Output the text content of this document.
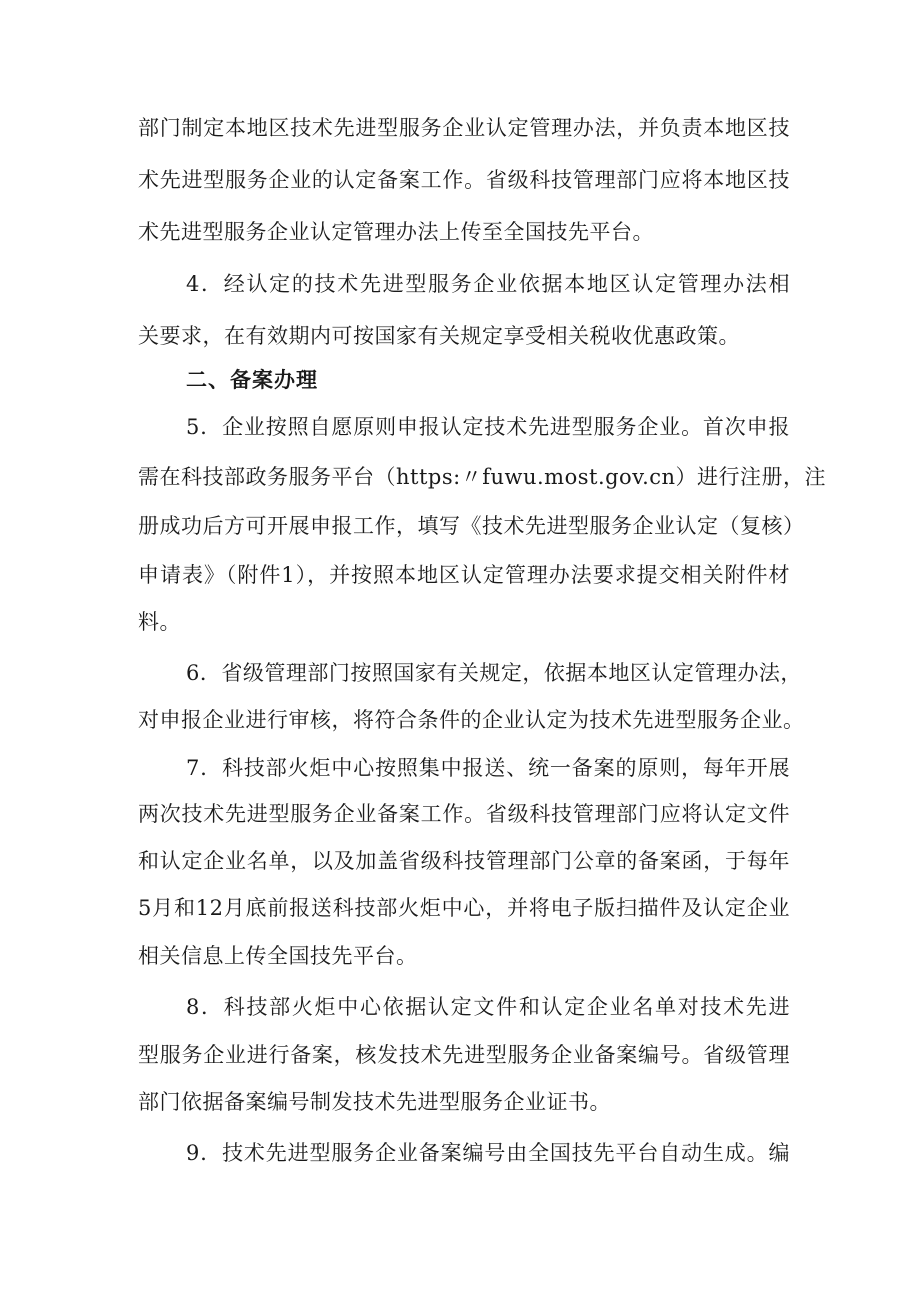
部门制定本地区技术先进型服务企业认定管理办法，并负责本地区技
术先进型服务企业的认定备案工作。省级科技管理部门应将本地区技
术先进型服务企业认定管理办法上传至全国技先平台。
4．经认定的技术先进型服务企业依据本地区认定管理办法相
关要求，在有效期内可按国家有关规定享受相关税收优惠政策。
二、备案办理
5．企业按照自愿原则申报认定技术先进型服务企业。首次申报
需在科技部政务服务平台（https:〃fuwu.most.gov.cn）进行注册，注
册成功后方可开展申报工作，填写《技术先进型服务企业认定（复核）
申请表》（附件1），并按照本地区认定管理办法要求提交相关附件材
料。
6．省级管理部门按照国家有关规定，依据本地区认定管理办法，
对申报企业进行审核，将符合条件的企业认定为技术先进型服务企业。
7．科技部火炬中心按照集中报送、统一备案的原则，每年开展
两次技术先进型服务企业备案工作。省级科技管理部门应将认定文件
和认定企业名单，以及加盖省级科技管理部门公章的备案函，于每年
5月和12月底前报送科技部火炬中心，并将电子版扫描件及认定企业
相关信息上传全国技先平台。
8．科技部火炬中心依据认定文件和认定企业名单对技术先进
型服务企业进行备案，核发技术先进型服务企业备案编号。省级管理
部门依据备案编号制发技术先进型服务企业证书。
9．技术先进型服务企业备案编号由全国技先平台自动生成。编
